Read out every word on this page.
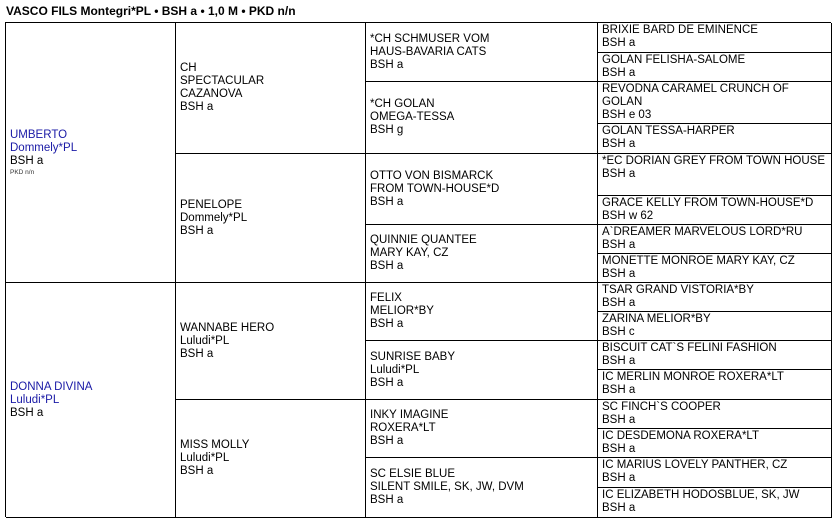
VASCO FILS Montegri*PL • BSH a • 1,0 M • PKD n/n
UMBERTO
Dommely*PL
BSH a
PKD n/n
DONNA DIVINA
Luludi*PL
BSH a
CH
SPECTACULAR
CAZANOVA
BSH a
PENELOPE
Dommely*PL
BSH a
WANNABE HERO
Luludi*PL
BSH a
MISS MOLLY
Luludi*PL
BSH a
*CH SCHMUSER VOM
HAUS-BAVARIA CATS
BSH a
*CH GOLAN
OMEGA-TESSA
BSH g
OTTO VON BISMARCK
FROM TOWN-HOUSE*D
BSH a
QUINNIE QUANTEE
MARY KAY, CZ
BSH a
FELIX
MELIOR*BY
BSH a
SUNRISE BABY
Luludi*PL
BSH a
INKY IMAGINE
ROXERA*LT
BSH a
SC ELSIE BLUE
SILENT SMILE, SK, JW, DVM
BSH a
BRIXIE BARD DE EMINENCE
BSH a
GOLAN FELISHA-SALOME
BSH a
REVODNA CARAMEL CRUNCH OF GOLAN
BSH e 03
GOLAN TESSA-HARPER
BSH a
*EC DORIAN GREY FROM TOWN HOUSE
BSH a
GRACE KELLY FROM TOWN-HOUSE*D
BSH w 62
A`DREAMER MARVELOUS LORD*RU
BSH a
MONETTE MONROE MARY KAY, CZ
BSH a
TSAR GRAND VISTORIA*BY
BSH a
ZARINA MELIOR*BY
BSH c
BISCUIT CAT`S FELINI FASHION
BSH a
IC MERLIN MONROE ROXERA*LT
BSH a
SC FINCH`S COOPER
BSH a
IC DESDEMONA ROXERA*LT
BSH a
IC MARIUS LOVELY PANTHER, CZ
BSH a
IC ELIZABETH HODOSBLUE, SK, JW
BSH a
